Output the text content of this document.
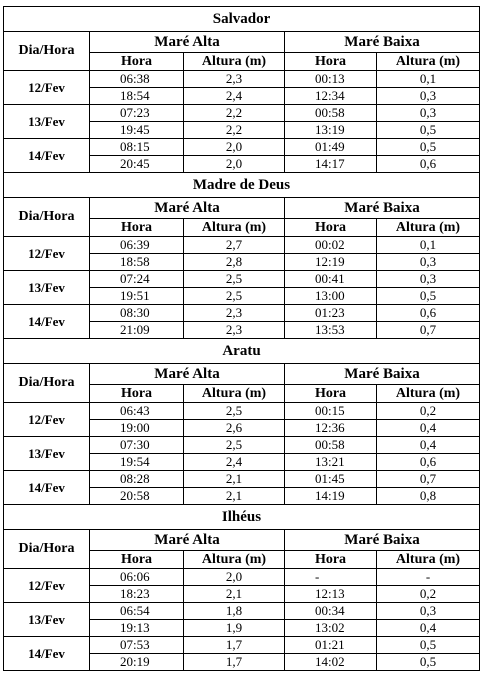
Salvador				
Dia/Hora	Maré Alta		Maré Baixa	
	Hora	Altura (m)	Hora	Altura (m)
12/Fev	06:38	2,3	00:13	0,1
	18:54	2,4	12:34	0,3
13/Fev	07:23	2,2	00:58	0,3
	19:45	2,2	13:19	0,5
14/Fev	08:15	2,0	01:49	0,5
	20:45	2,0	14:17	0,6
Madre de Deus				
Dia/Hora	Maré Alta		Maré Baixa	
	Hora	Altura (m)	Hora	Altura (m)
12/Fev	06:39	2,7	00:02	0,1
	18:58	2,8	12:19	0,3
13/Fev	07:24	2,5	00:41	0,3
	19:51	2,5	13:00	0,5
14/Fev	08:30	2,3	01:23	0,6
	21:09	2,3	13:53	0,7
Aratu				
Dia/Hora	Maré Alta		Maré Baixa	
	Hora	Altura (m)	Hora	Altura (m)
12/Fev	06:43	2,5	00:15	0,2
	19:00	2,6	12:36	0,4
13/Fev	07:30	2,5	00:58	0,4
	19:54	2,4	13:21	0,6
14/Fev	08:28	2,1	01:45	0,7
	20:58	2,1	14:19	0,8
Ilhéus				
Dia/Hora	Maré Alta		Maré Baixa	
	Hora	Altura (m)	Hora	Altura (m)
12/Fev	06:06	2,0	-	-
	18:23	2,1	12:13	0,2
13/Fev	06:54	1,8	00:34	0,3
	19:13	1,9	13:02	0,4
14/Fev	07:53	1,7	01:21	0,5
	20:19	1,7	14:02	0,5
